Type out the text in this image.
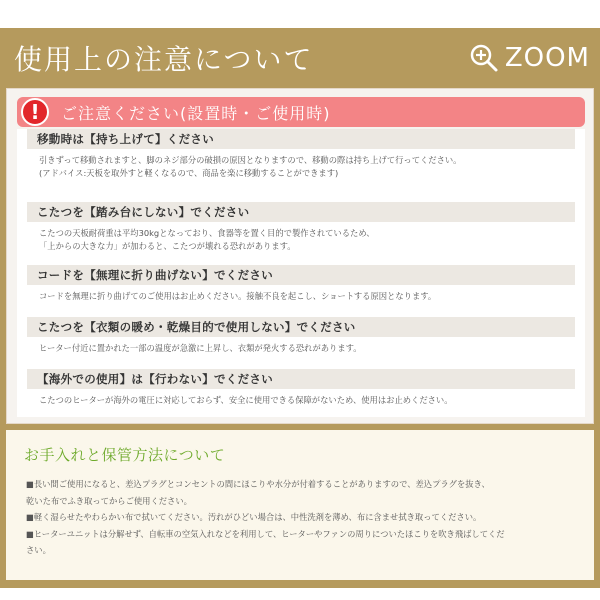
使用上の注意について	ZOOM
!	ご注意ください(設置時・ご使用時)
移動時は【持ち上げて】ください
引きずって移動されますと、脚のネジ部分の破損の原因となりますので、移動の際は持ち上げて行ってください。
(アドバイス:天板を取外すと軽くなるので、商品を楽に移動することができます)
こたつを【踏み台にしない】でください
こたつの天板耐荷重は平均30kgとなっており、食器等を置く目的で製作されているため、
「上からの大きな力」が加わると、こたつが壊れる恐れがあります。
コードを【無理に折り曲げない】でください
コードを無理に折り曲げてのご使用はお止めください。接触不良を起こし、ショートする原因となります。
こたつを【衣類の暖め・乾燥目的で使用しない】でください
ヒーター付近に置かれた一部の温度が急激に上昇し、衣類が発火する恐れがあります。
【海外での使用】は【行わない】でください
こたつのヒーターが海外の電圧に対応しておらず、安全に使用できる保障がないため、使用はお止めください。
お手入れと保管方法について

■長い間ご使用になると、差込プラグとコンセントの間にほこりや水分が付着することがありますので、差込プラグを抜き、

乾いた布でふき取ってからご使用ください。

■軽く湿らせたやわらかい布で拭いてください。汚れがひどい場合は、中性洗剤を薄め、布に含ませ拭き取ってください。

■ヒーターユニットは分解せず、自転車の空気入れなどを利用して、ヒーターやファンの周りについたほこりを吹き飛ばしてくだ

さい。
